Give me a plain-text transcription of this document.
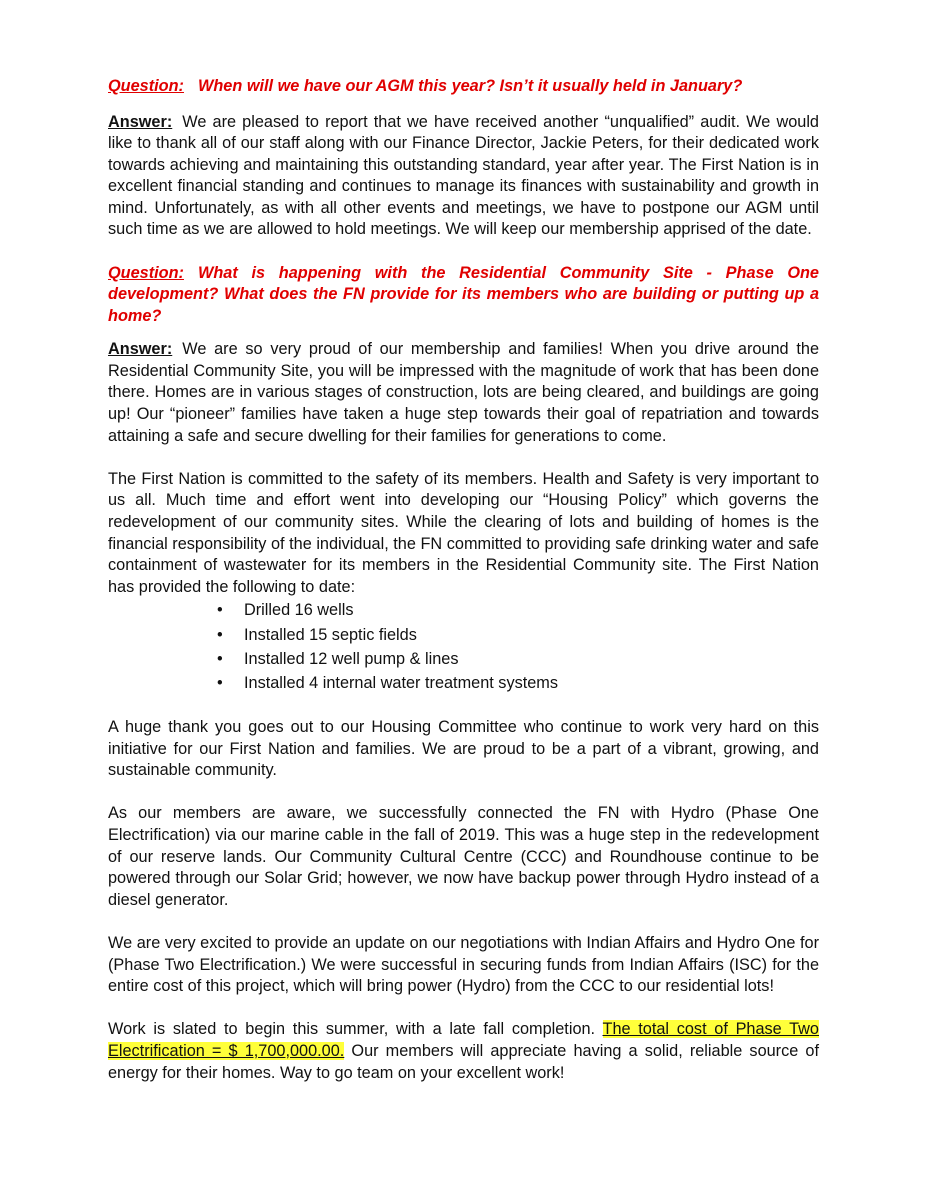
Question: When will we have our AGM this year? Isn’t it usually held in January?

Answer: We are pleased to report that we have received another “unqualified” audit. We would like to thank all of our staff along with our Finance Director, Jackie Peters, for their dedicated work towards achieving and maintaining this outstanding standard, year after year. The First Nation is in excellent financial standing and continues to manage its finances with sustainability and growth in mind. Unfortunately, as with all other events and meetings, we have to postpone our AGM until such time as we are allowed to hold meetings. We will keep our membership apprised of the date.

Question: What is happening with the Residential Community Site - Phase One development? What does the FN provide for its members who are building or putting up a home?

Answer: We are so very proud of our membership and families! When you drive around the Residential Community Site, you will be impressed with the magnitude of work that has been done there. Homes are in various stages of construction, lots are being cleared, and buildings are going up! Our “pioneer” families have taken a huge step towards their goal of repatriation and towards attaining a safe and secure dwelling for their families for generations to come.

The First Nation is committed to the safety of its members. Health and Safety is very important to us all. Much time and effort went into developing our “Housing Policy” which governs the redevelopment of our community sites. While the clearing of lots and building of homes is the financial responsibility of the individual, the FN committed to providing safe drinking water and safe containment of wastewater for its members in the Residential Community site. The First Nation has provided the following to date:

• Drilled 16 wells
• Installed 15 septic fields
• Installed 12 well pump & lines
• Installed 4 internal water treatment systems

A huge thank you goes out to our Housing Committee who continue to work very hard on this initiative for our First Nation and families. We are proud to be a part of a vibrant, growing, and sustainable community.

As our members are aware, we successfully connected the FN with Hydro (Phase One Electrification) via our marine cable in the fall of 2019. This was a huge step in the redevelopment of our reserve lands. Our Community Cultural Centre (CCC) and Roundhouse continue to be powered through our Solar Grid; however, we now have backup power through Hydro instead of a diesel generator.

We are very excited to provide an update on our negotiations with Indian Affairs and Hydro One for (Phase Two Electrification.) We were successful in securing funds from Indian Affairs (ISC) for the entire cost of this project, which will bring power (Hydro) from the CCC to our residential lots!

Work is slated to begin this summer, with a late fall completion. The total cost of Phase Two Electrification = $ 1,700,000.00. Our members will appreciate having a solid, reliable source of energy for their homes. Way to go team on your excellent work!
